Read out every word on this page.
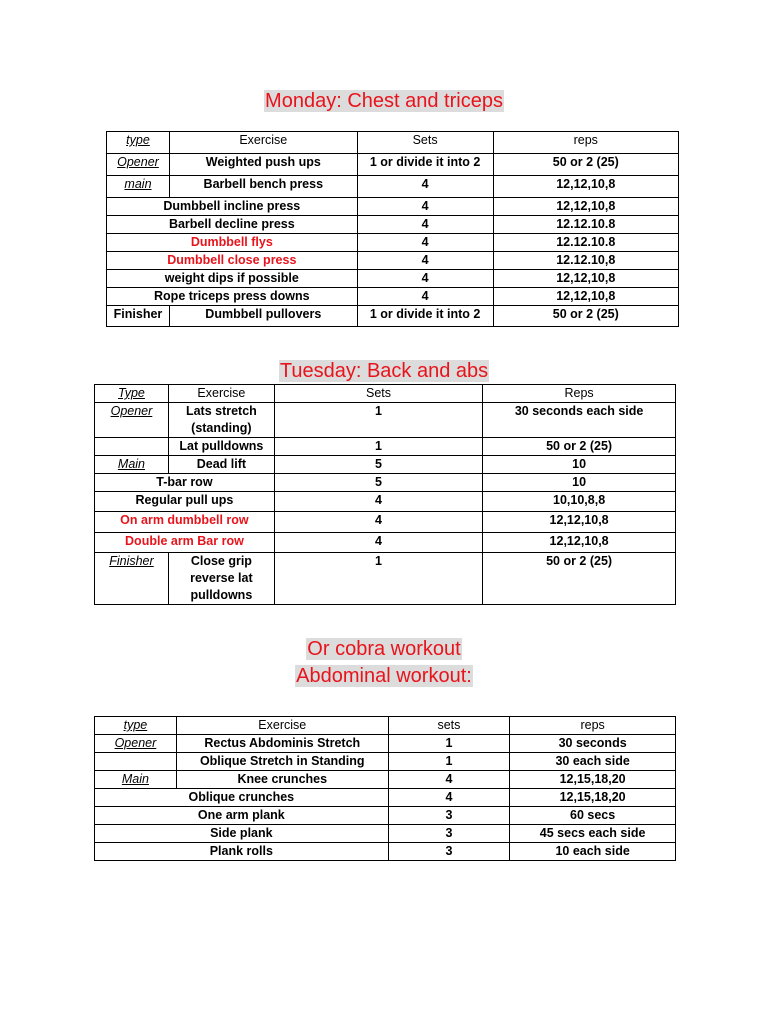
Monday: Chest and triceps
type	Exercise	Sets	reps
Opener	Weighted push ups	1 or divide it into 2	50 or 2 (25)
main	Barbell bench press	4	12,12,10,8
Dumbbell incline press		4	12,12,10,8
Barbell decline press		4	12.12.10.8
Dumbbell flys		4	12.12.10.8
Dumbbell close press		4	12.12.10,8
weight dips if possible		4	12,12,10,8
Rope triceps press downs		4	12,12,10,8
Finisher	Dumbbell pullovers	1 or divide it into 2	50 or 2 (25)
Tuesday: Back and abs
Type	Exercise	Sets	Reps
Opener	Lats stretch (standing)	1	30 seconds each side
	Lat pulldowns	1	50 or 2 (25)
Main	Dead lift	5	10
T-bar row		5	10
Regular pull ups		4	10,10,8,8
On arm dumbbell row		4	12,12,10,8
Double arm Bar row		4	12,12,10,8
Finisher	Close grip reverse lat pulldowns	1	50 or 2 (25)
Or cobra workout
Abdominal workout:
type	Exercise	sets	reps
Opener	Rectus Abdominis Stretch	1	30 seconds
	Oblique Stretch in Standing	1	30 each side
Main	Knee crunches	4	12,15,18,20
Oblique crunches		4	12,15,18,20
One arm plank		3	60 secs
Side plank		3	45 secs each side
Plank rolls		3	10 each side
